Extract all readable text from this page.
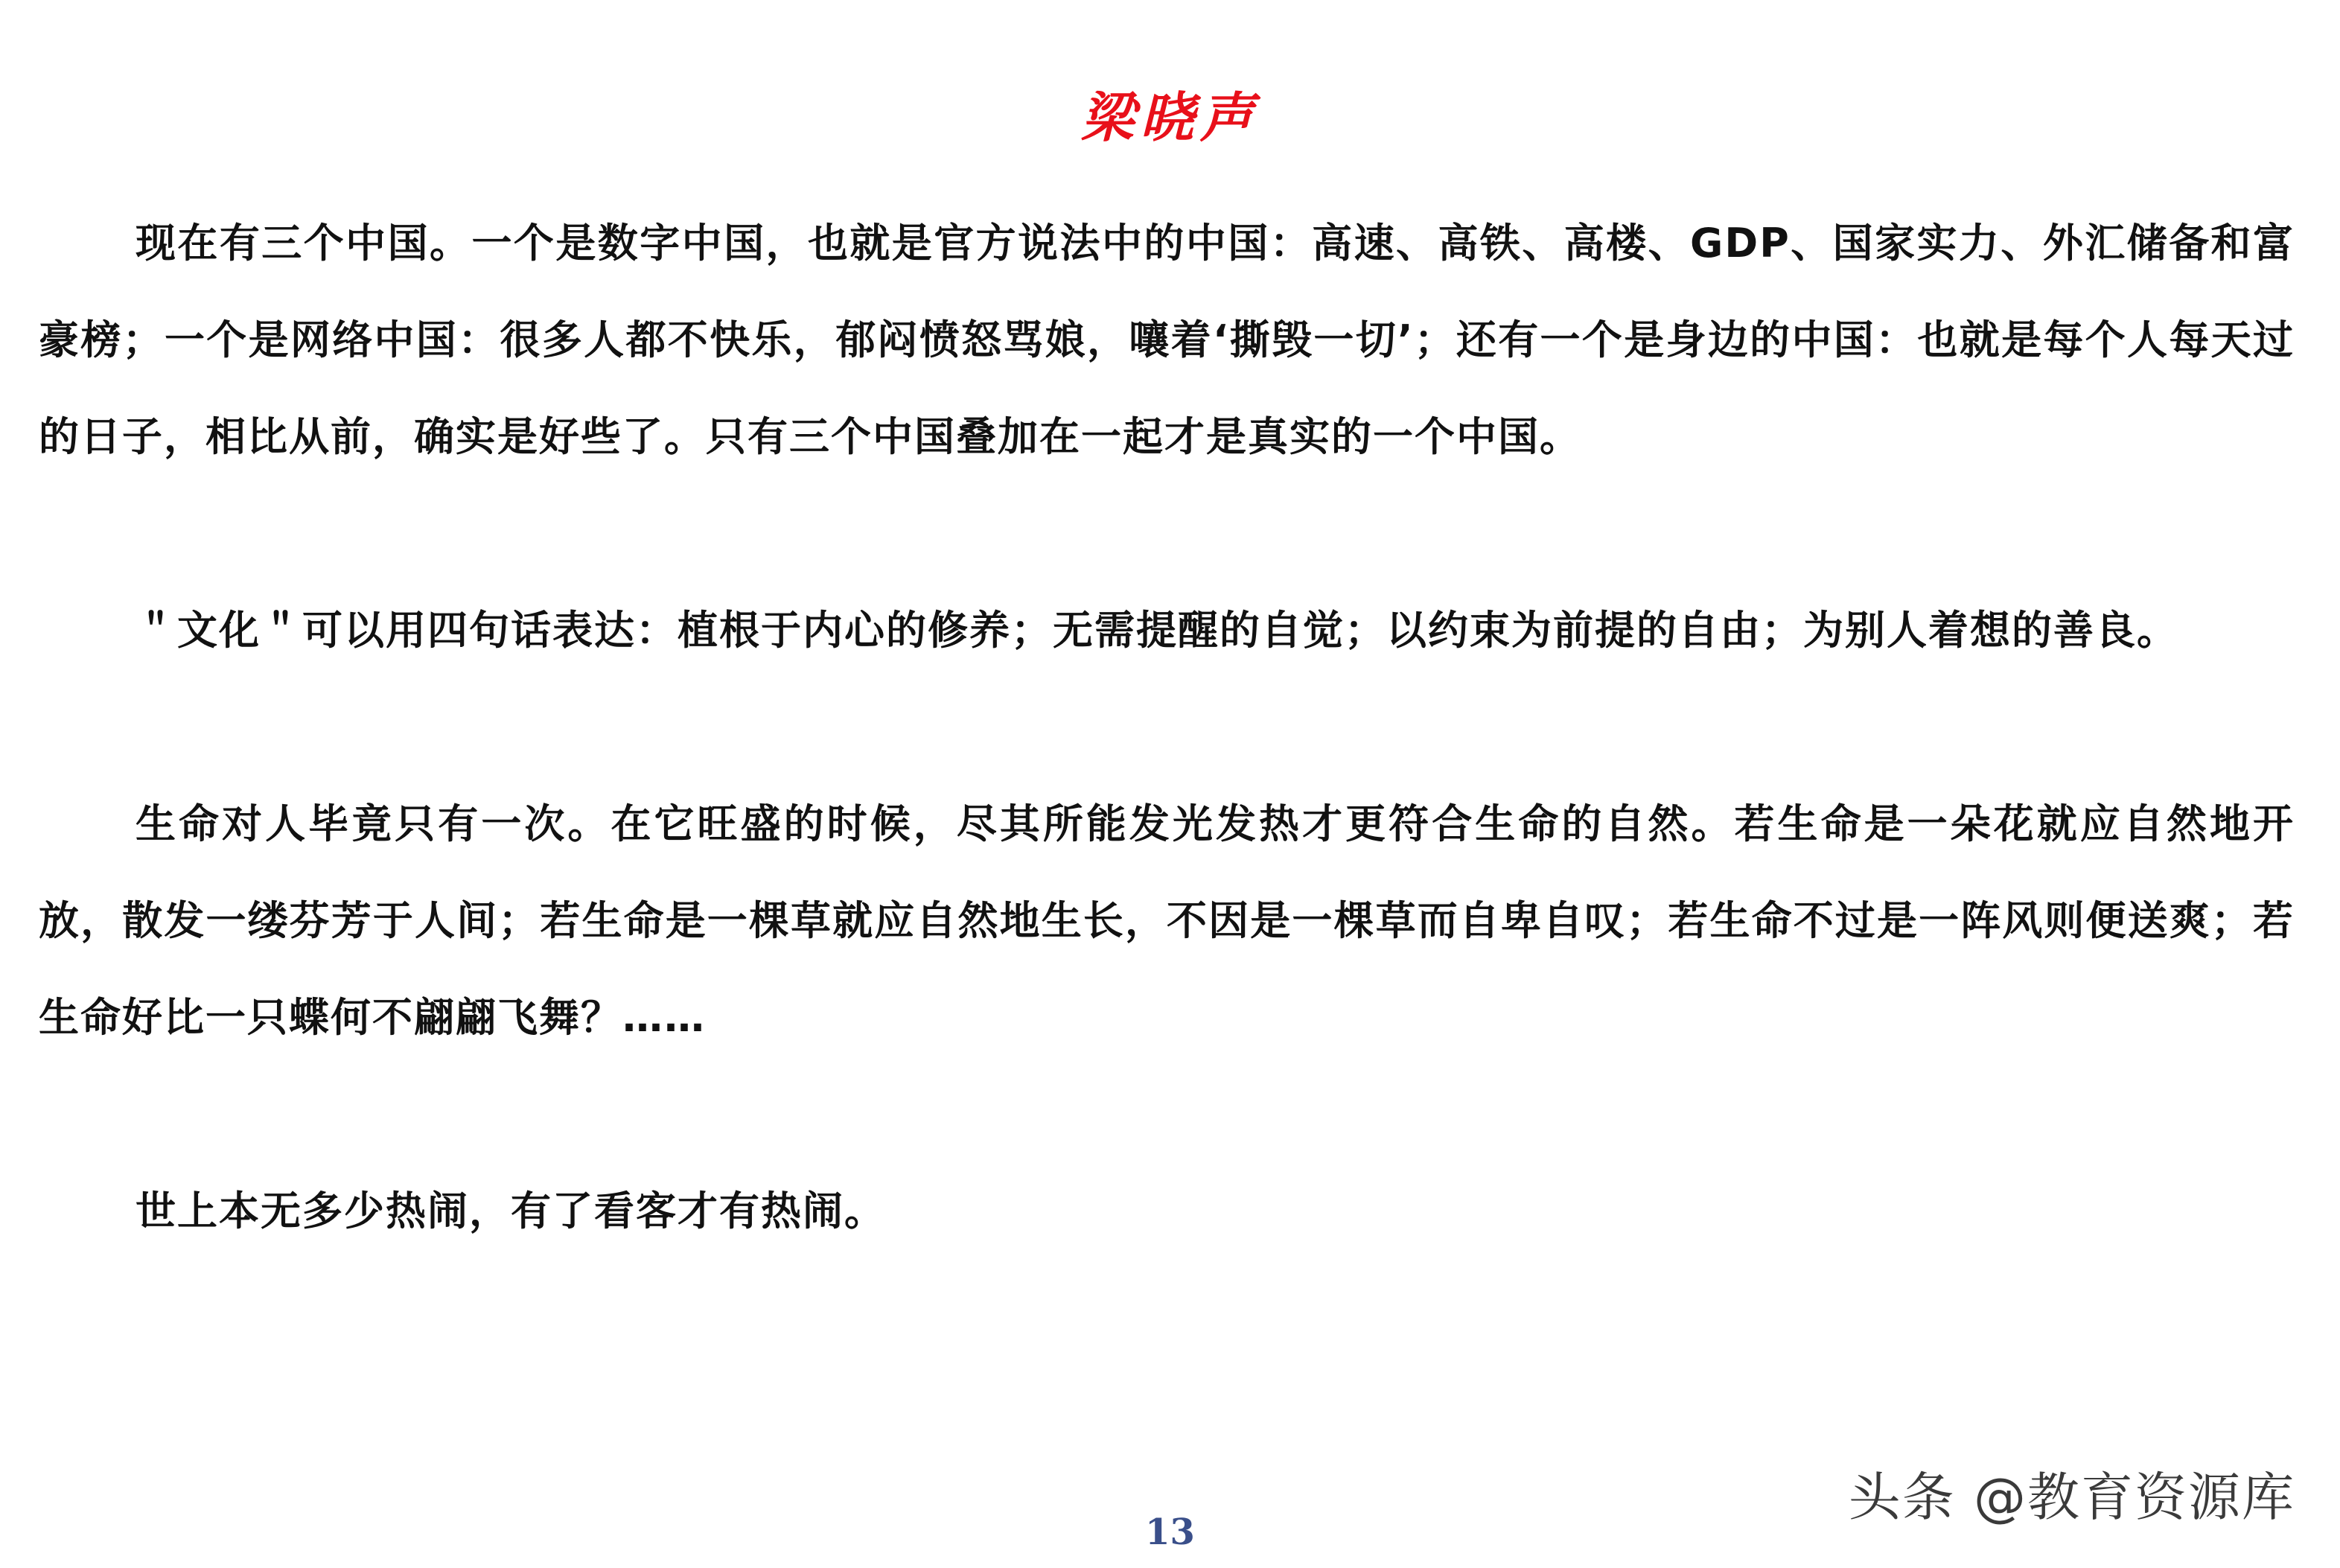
梁晓声

现在有三个中国。一个是数字中国，也就是官方说法中的中国：高速、高铁、高楼、GDP、国家实力、外汇储备和富豪榜；一个是网络中国：很多人都不快乐，郁闷愤怒骂娘，嚷着‘撕毁一切’；还有一个是身边的中国：也就是每个人每天过的日子，相比从前，确实是好些了。只有三个中国叠加在一起才是真实的一个中国。

＂文化＂可以用四句话表达：植根于内心的修养；无需提醒的自觉；以约束为前提的自由；为别人着想的善良。

生命对人毕竟只有一次。在它旺盛的时候，尽其所能发光发热才更符合生命的自然。若生命是一朵花就应自然地开放，散发一缕芬芳于人间；若生命是一棵草就应自然地生长，不因是一棵草而自卑自叹；若生命不过是一阵风则便送爽；若生命好比一只蝶何不翩翩飞舞？……

世上本无多少热闹，有了看客才有热闹。

头条 @教育资源库
13
